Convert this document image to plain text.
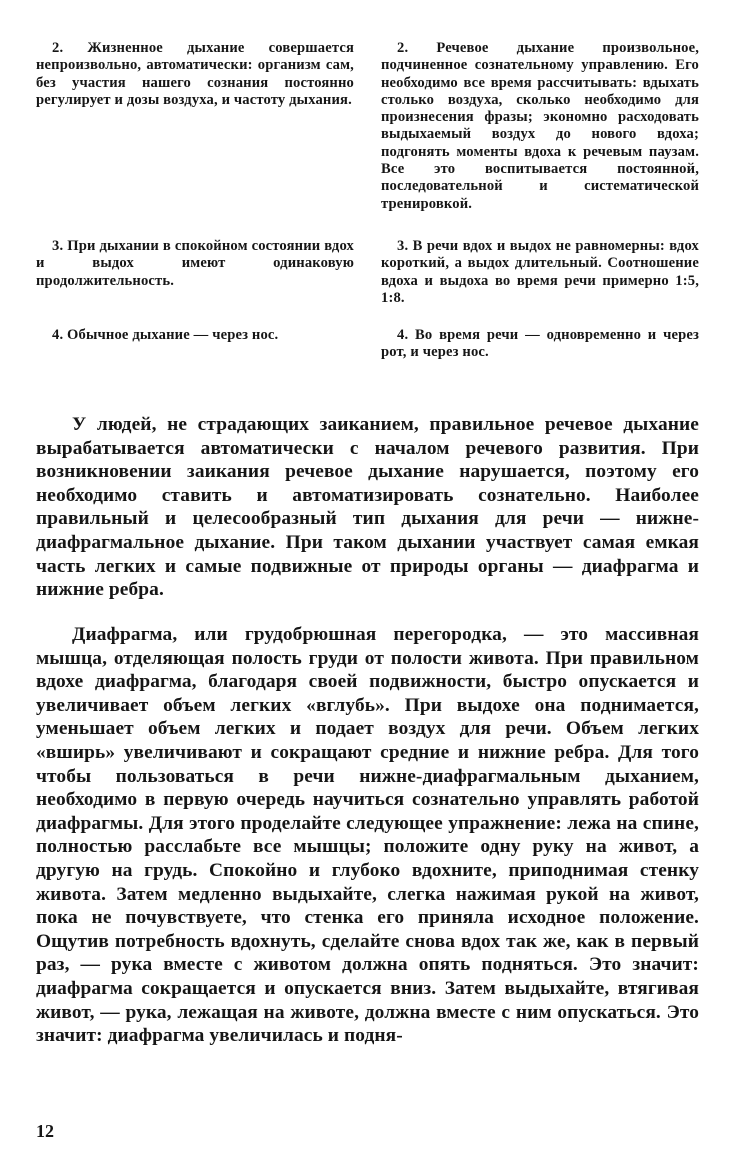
2. Жизненное дыхание совершается непроизвольно, автоматически: организм сам, без участия нашего сознания постоянно регулирует и дозы воздуха, и частоту дыхания.
2. Речевое дыхание произвольное, подчиненное сознательному управлению. Его необходимо все время рассчитывать: вдыхать столько воздуха, сколько необходимо для произнесения фразы; экономно расходовать выдыхаемый воздух до нового вдоха; подгонять моменты вдоха к речевым паузам. Все это воспитывается постоянной, последовательной и систематической тренировкой.
3. При дыхании в спокойном состоянии вдох и выдох имеют одинаковую продолжительность.
3. В речи вдох и выдох не равномерны: вдох короткий, а выдох длительный. Соотношение вдоха и выдоха во время речи примерно 1:5, 1:8.
4. Обычное дыхание — через нос.	4. Во время речи — одновременно и через рот, и через нос.

У людей, не страдающих заиканием, правильное речевое дыхание вырабатывается автоматически с началом речевого развития. При возникновении заикания речевое дыхание нарушается, поэтому его необходимо ставить и автоматизировать сознательно. Наиболее правильный и целесообразный тип дыхания для речи — нижне-диафрагмальное дыхание. При таком дыхании участвует самая емкая часть легких и самые подвижные от природы органы — диафрагма и нижние ребра.

Диафрагма, или грудобрюшная перегородка, — это массивная мышца, отделяющая полость груди от полости живота. При правильном вдохе диафрагма, благодаря своей подвижности, быстро опускается и увеличивает объем легких «вглубь». При выдохе она поднимается, уменьшает объем легких и подает воздух для речи. Объем легких «вширь» увеличивают и сокращают средние и нижние ребра. Для того чтобы пользоваться в речи нижне-диафрагмальным дыханием, необходимо в первую очередь научиться сознательно управлять работой диафрагмы. Для этого проделайте следующее упражнение: лежа на спине, полностью расслабьте все мышцы; положите одну руку на живот, а другую на грудь. Спокойно и глубоко вдохните, приподнимая стенку живота. Затем медленно выдыхайте, слегка нажимая рукой на живот, пока не почувствуете, что стенка его приняла исходное положение. Ощутив потребность вдохнуть, сделайте снова вдох так же, как в первый раз, — рука вместе с животом должна опять подняться. Это значит: диафрагма сокращается и опускается вниз. Затем выдыхайте, втягивая живот, — рука, лежащая на животе, должна вместе с ним опускаться. Это значит: диафрагма увеличилась и подня-

12
